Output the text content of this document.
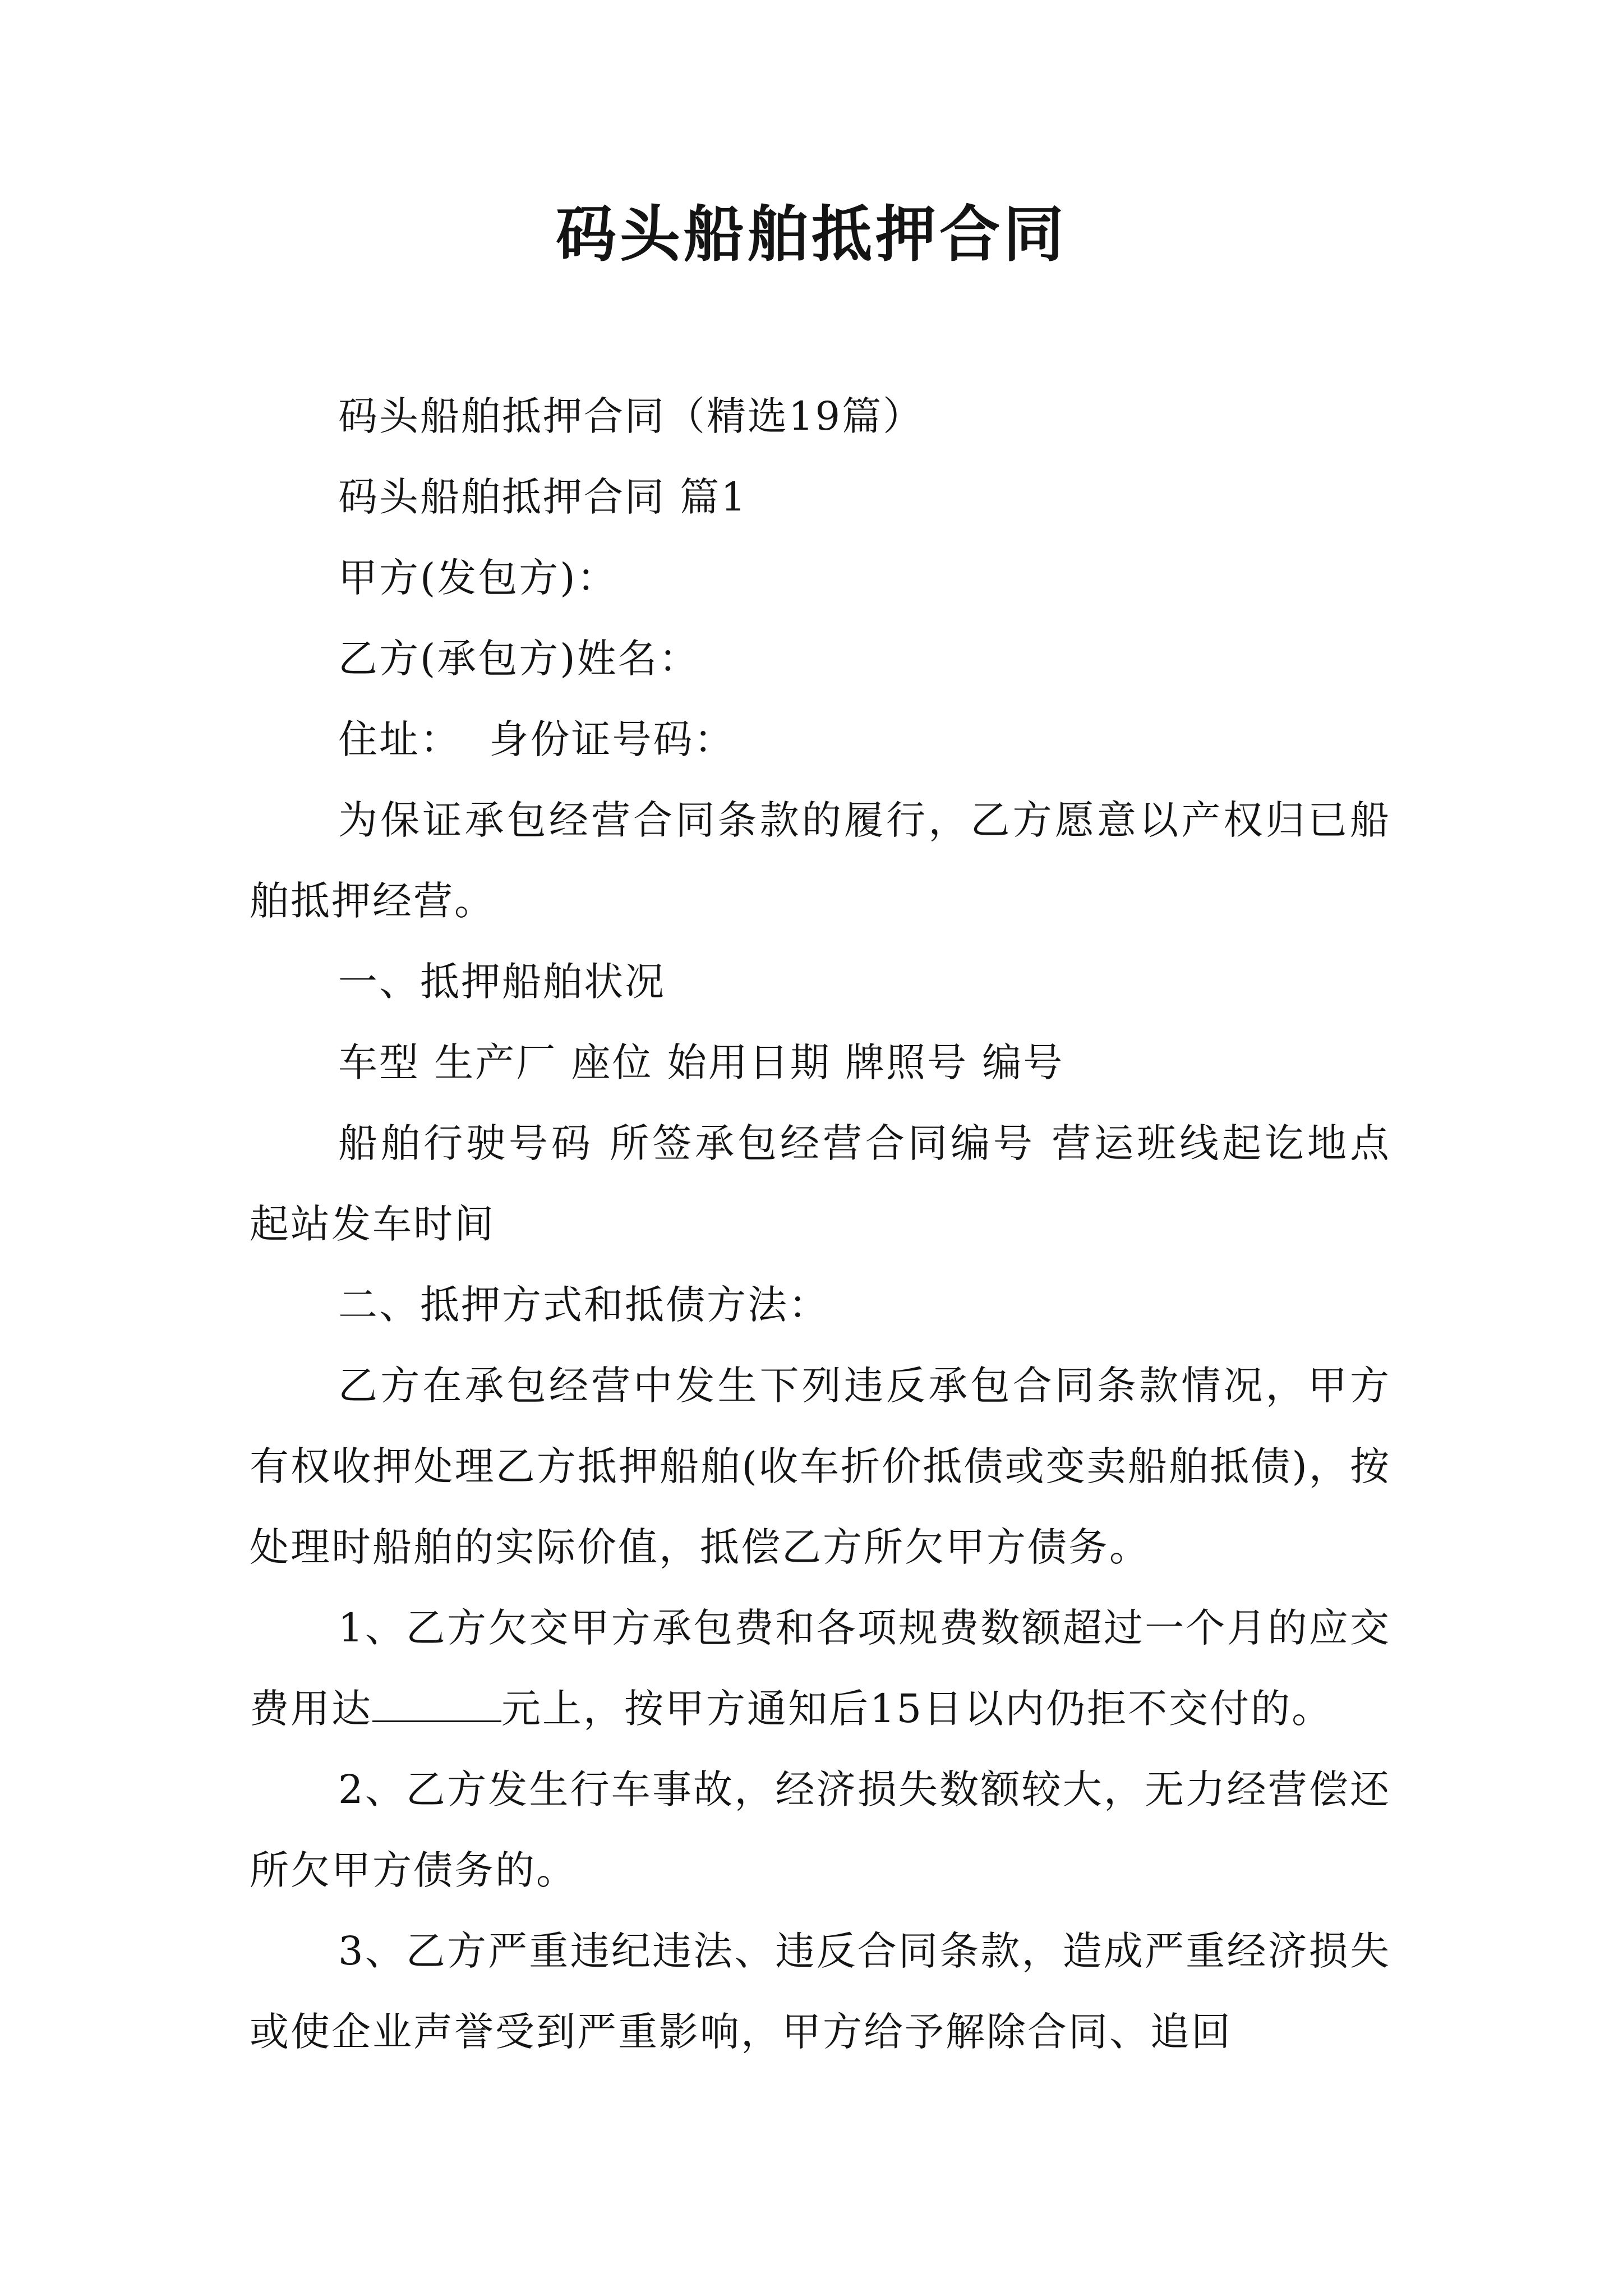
码头船舶抵押合同

码头船舶抵押合同（精选19篇）

码头船舶抵押合同 篇1

甲方(发包方)：

乙方(承包方)姓名：

住址：  身份证号码：

为保证承包经营合同条款的履行，乙方愿意以产权归已船舶抵押经营。

一、抵押船舶状况

车型 生产厂 座位 始用日期 牌照号 编号

船舶行驶号码 所签承包经营合同编号 营运班线起讫地点 起站发车时间

二、抵押方式和抵债方法：

乙方在承包经营中发生下列违反承包合同条款情况，甲方有权收押处理乙方抵押船舶(收车折价抵债或变卖船舶抵债)，按处理时船舶的实际价值，抵偿乙方所欠甲方债务。

1、乙方欠交甲方承包费和各项规费数额超过一个月的应交费用达	元上，按甲方通知后15日以内仍拒不交付的。

2、乙方发生行车事故，经济损失数额较大，无力经营偿还所欠甲方债务的。

3、乙方严重违纪违法、违反合同条款，造成严重经济损失或使企业声誉受到严重影响，甲方给予解除合同、追回
